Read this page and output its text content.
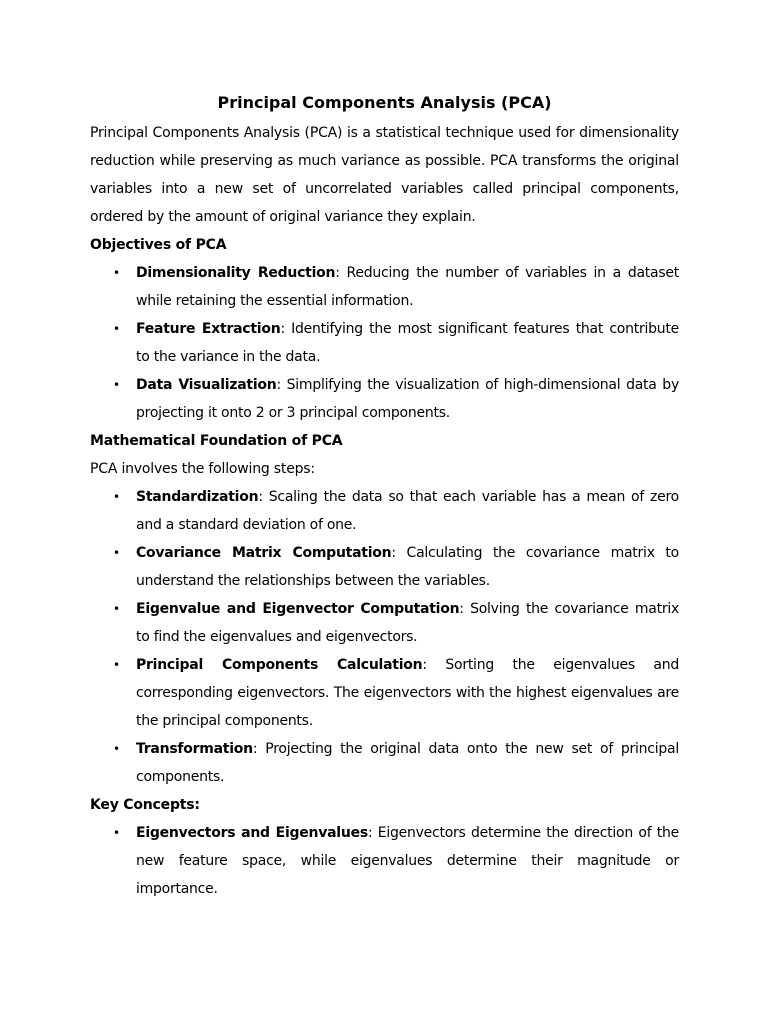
Principal Components Analysis (PCA)

Principal Components Analysis (PCA) is a statistical technique used for dimensionality reduction while preserving as much variance as possible. PCA transforms the original variables into a new set of uncorrelated variables called principal components, ordered by the amount of original variance they explain.

Objectives of PCA

• Dimensionality Reduction: Reducing the number of variables in a dataset while retaining the essential information.
• Feature Extraction: Identifying the most significant features that contribute to the variance in the data.
• Data Visualization: Simplifying the visualization of high-dimensional data by projecting it onto 2 or 3 principal components.

Mathematical Foundation of PCA

PCA involves the following steps:

• Standardization: Scaling the data so that each variable has a mean of zero and a standard deviation of one.
• Covariance Matrix Computation: Calculating the covariance matrix to understand the relationships between the variables.
• Eigenvalue and Eigenvector Computation: Solving the covariance matrix to find the eigenvalues and eigenvectors.
• Principal Components Calculation: Sorting the eigenvalues and corresponding eigenvectors. The eigenvectors with the highest eigenvalues are the principal components.
• Transformation: Projecting the original data onto the new set of principal components.

Key Concepts:

• Eigenvectors and Eigenvalues: Eigenvectors determine the direction of the new feature space, while eigenvalues determine their magnitude or importance.
